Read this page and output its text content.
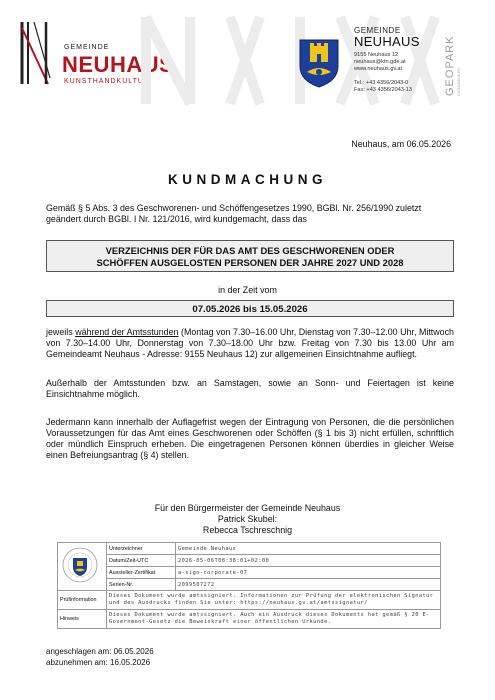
GEMEINDE
NEUHAUS
KUNSTHANDKULTUR
GEMEINDE
NEUHAUS
9155 Neuhaus 12
neuhaus@ktn.gde.at
www.neuhaus.gv.at
Tel.: +43 4356/2043-0
Fax: +43 4356/2043-13	GEOPARK KARAWANKEN
Neuhaus, am 06.05.2026
KUNDMACHUNG
Gemäß § 5 Abs. 3 des Geschworenen- und Schöffengesetzes 1990, BGBl. Nr. 256/1990 zuletzt geändert durch BGBl. I Nr. 121/2016, wird kundgemacht, dass das
VERZEICHNIS DER FÜR DAS AMT DES GESCHWORENEN ODER
SCHÖFFEN AUSGELOSTEN PERSONEN DER JAHRE 2027 UND 2028
in der Zeit vom
07.05.2026 bis 15.05.2026
jeweils während der Amtsstunden (Montag von 7.30–16.00 Uhr, Dienstag von 7.30–12.00 Uhr, Mittwoch von 7.30–14.00 Uhr, Donnerstag von 7.30–18.00 Uhr bzw. Freitag von 7.30 bis 13.00 Uhr am Gemeindeamt Neuhaus - Adresse: 9155 Neuhaus 12) zur allgemeinen Einsichtnahme aufliegt.
Außerhalb der Amtsstunden bzw. an Samstagen, sowie an Sonn- und Feiertagen ist keine Einsichtnahme möglich.
Jedermann kann innerhalb der Auflagefrist wegen der Eintragung von Personen, die die persönlichen Voraussetzungen für das Amt eines Geschworenen oder Schöffen (§ 1 bis 3) nicht erfüllen, schriftlich oder mündlich Einspruch erheben. Die eingetragenen Personen können überdies in gleicher Weise einen Befreiungsantrag (§ 4) stellen.
Für den Bürgermeister der Gemeinde Neuhaus
Patrick Skubel:
Rebecca Tschreschnig
	Unterzeichner	Gemeinde Neuhaus
	Datum/Zeit-UTC	2026-05-06T08:38:01+02:00
	Aussteller-Zertifikat	a-sign-corporate-07
	Serien-Nr.	2099507272
Prüfinformation	Dieses Dokument wurde amtssigniert. Informationen zur Prüfung der elektronischen Signatur und des Ausdrucks finden Sie unter: https://neuhaus.gv.at/amtssignatur/	
Hinweis	Dieses Dokument wurde amtssigniert. Auch ein Ausdruck dieses Dokuments hat gemäß § 20 E-Government-Gesetz die Beweiskraft einer öffentlichen Urkunde.	
angeschlagen am: 06.05.2026
abzunehmen am: 16.05.2026
